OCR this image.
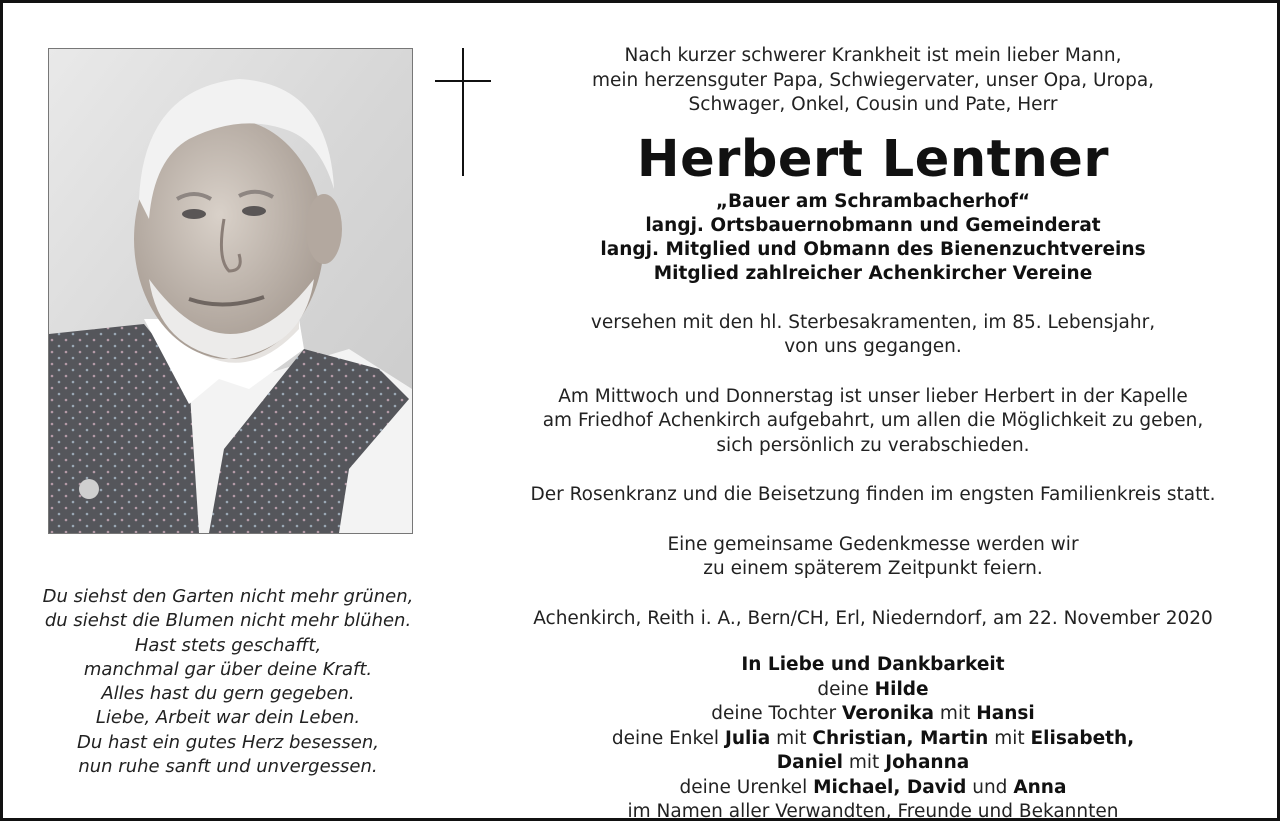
Du siehst den Garten nicht mehr grünen,
du siehst die Blumen nicht mehr blühen.
Hast stets geschafft,
manchmal gar über deine Kraft.
Alles hast du gern gegeben.
Liebe, Arbeit war dein Leben.
Du hast ein gutes Herz besessen,
nun ruhe sanft und unvergessen.
Nach kurzer schwerer Krankheit ist mein lieber Mann,
mein herzensguter Papa, Schwiegervater, unser Opa, Uropa,
Schwager, Onkel, Cousin und Pate, Herr
Herbert Lentner
„Bauer am Schrambacherhof“
langj. Ortsbauernobmann und Gemeinderat
langj. Mitglied und Obmann des Bienenzuchtvereins
Mitglied zahlreicher Achenkircher Vereine
versehen mit den hl. Sterbesakramenten, im 85. Lebensjahr,
von uns gegangen.
Am Mittwoch und Donnerstag ist unser lieber Herbert in der Kapelle
am Friedhof Achenkirch aufgebahrt, um allen die Möglichkeit zu geben,
sich persönlich zu verabschieden.
Der Rosenkranz und die Beisetzung finden im engsten Familienkreis statt.
Eine gemeinsame Gedenkmesse werden wir
zu einem späterem Zeitpunkt feiern.
Achenkirch, Reith i. A., Bern/CH, Erl, Niederndorf, am 22. November 2020
In Liebe und Dankbarkeit
deine Hilde
deine Tochter Veronika mit Hansi
deine Enkel Julia mit Christian, Martin mit Elisabeth,
Daniel mit Johanna
deine Urenkel Michael, David und Anna
im Namen aller Verwandten, Freunde und Bekannten
